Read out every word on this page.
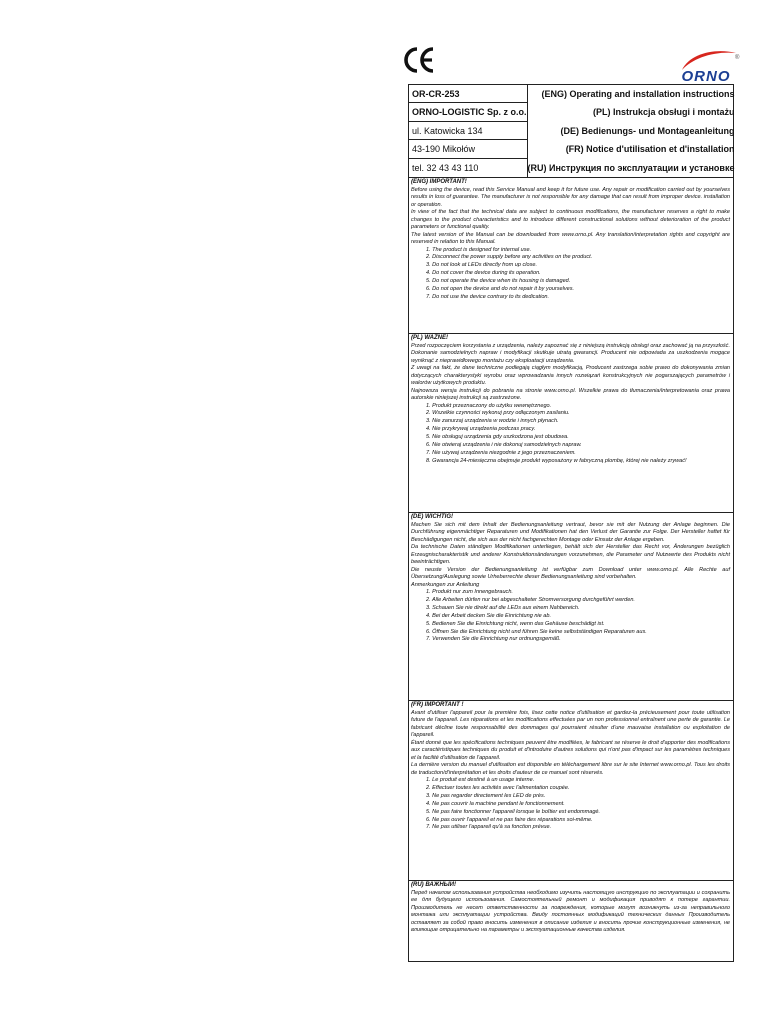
ORNO
®
OR-CR-253
ORNO-LOGISTIC Sp. z o.o.
ul. Katowicka 134
43-190 Mikołów
tel. 32 43 43 110
(ENG) Operating and installation instructions
(PL) Instrukcja obsługi i montażu
(DE) Bedienungs- und Montageanleitung
(FR) Notice d'utilisation et d'installation
(RU) Инструкция по эксплуатации и установке
(ENG) IMPORTANT!

Before using the device, read this Service Manual and keep it for future use. Any repair or modification carried out by yourselves results in loss of guarantee. The manufacturer is not responsible for any damage that can result from improper device. installation or operation.

In view of the fact that the technical data are subject to continuous modifications, the manufacturer reserves a right to make changes to the product characteristics and to introduce different constructional solutions without deterioration of the product parameters or functional quality.

The latest version of the Manual can be downloaded from www.orno.pl. Any translation/interpretation rights and copyright are reserved in relation to this Manual.

1. The product is designed for internal use.
2. Disconnect the power supply before any activities on the product.
3. Do not look at LEDs directly from up close.
4. Do not cover the device during its operation.
5. Do not operate the device when its housing is damaged.
6. Do not open the device and do not repair it by yourselves.
7. Do not use the device contrary to its dedication.
(PL) WAŻNE!

Przed rozpoczęciem korzystania z urządzenia, należy zapoznać się z niniejszą instrukcją obsługi oraz zachować ją na przyszłość. Dokonanie samodzielnych napraw i modyfikacji skutkuje utratą gwarancji. Producent nie odpowiada za uszkodzenia mogące wyniknąć z nieprawidłowego montażu czy eksploatacji urządzenia.

Z uwagi na fakt, że dane techniczne podlegają ciągłym modyfikacją, Producent zastrzega sobie prawo do dokonywania zmian dotyczących charakterystyki wyrobu oraz wprowadzania innych rozwiązań konstrukcyjnych nie pogarszających parametrów i walorów użytkowych produktu.

Najnowsza wersja instrukcji do pobrania na stronie www.orno.pl. Wszelkie prawa do tłumaczenia/interpretowania oraz prawa autorskie niniejszej instrukcji są zastrzeżone.

1. Produkt przeznaczony do użytku wewnętrznego.
2. Wszelkie czynności wykonuj przy odłączonym zasilaniu.
3. Nie zanurzaj urządzenia w wodzie i innych płynach.
4. Nie przykrywaj urządzenia podczas pracy.
5. Nie obsługuj urządzenia gdy uszkodzona jest obudowa.
6. Nie otwieraj urządzenia i nie dokonuj samodzielnych napraw.
7. Nie używaj urządzenia niezgodnie z jego przeznaczeniem.
8. Gwarancja 24-miesięczna obejmuje produkt wyposażony w fabryczną plombę, której nie należy zrywać!
(DE) WICHTIG!

Machen Sie sich mit dem Inhalt der Bedienungsanleitung vertraut, bevor sie mit der Nutzung der Anlage beginnen. Die Durchführung eigenmächtiger Reparaturen und Modifikationen hat den Verlust der Garantie zur Folge. Der Hersteller haftet für Beschädigungen nicht, die sich aus der nicht fachgerechten Montage oder Einsatz der Anlage ergeben.

Da technische Daten ständigen Modifikationen unterliegen, behält sich der Hersteller das Recht vor, Änderungen bezüglich Erzeugnischarakteristik und anderer Konstruktionsänderungen vorzunehmen, die Parameter und Nutzwerte des Produkts nicht beeinträchtigen.

Die neuste Version der Bedienungsanleitung ist verfügbar zum Download unter www.orno.pl. Alle Rechte auf Übersetzung/Auslegung sowie Urheberrechte dieser Bedienungsanleitung sind vorbehalten.

Anmerkungen zur Anleitung

1. Produkt nur zum Innengebrauch.
2. Alle Arbeiten dürfen nur bei abgeschalteter Stromversorgung durchgeführt werden.
3. Schauen Sie nie direkt auf die LEDs aus einem Nahbereich.
4. Bei der Arbeit decken Sie die Einrichtung nie ab.
5. Bedienen Sie die Einrichtung nicht, wenn das Gehäuse beschädigt ist.
6. Öffnen Sie die Einrichtung nicht und führen Sie keine selbstständigen Reparaturen aus.
7. Verwenden Sie die Einrichtung nur ordnungsgemäß.
(FR) IMPORTANT !

Avant d'utiliser l'appareil pour la première fois, lisez cette notice d'utilisation et gardez-la précieusement pour toute utilisation future de l'appareil. Les réparations et les modifications effectuées par un non professionnel entraînent une perte de garantie. Le fabricant décline toute responsabilité des dommages qui pourraient résulter d'une mauvaise installation ou exploitation de l'appareil.

Étant donné que les spécifications techniques peuvent être modifiées, le fabricant se réserve le droit d'apporter des modifications aux caractéristiques techniques du produit et d'introduire d'autres solutions qui n'ont pas d'impact sur les paramètres techniques et la facilité d'utilisation de l'appareil.

La dernière version du manuel d'utilisation est disponible en téléchargement libre sur le site Internet www.orno.pl. Tous les droits de traduction/d'interprétation et les droits d'auteur de ce manuel sont réservés.

1. Le produit est destiné à un usage interne.
2. Effectuer toutes les activités avec l'alimentation coupée.
3. Ne pas regarder directement les LED de près.
4. Ne pas couvrir la machine pendant le fonctionnement.
5. Ne pas faire fonctionner l'appareil lorsque le boîtier est endommagé.
6. Ne pas ouvrir l'appareil et ne pas faire des réparations soi-même.
7. Ne pas utiliser l'appareil qu'à sa fonction prévue.
(RU) ВАЖНЫЙ!

Перед началом использования устройства необходимо изучить настоящую инструкцию по эксплуатации и сохранить ее для будущего использования. Самостоятельный ремонт и модификация приводят к потере гарантии. Производитель не несет ответственности за повреждения, которые могут возникнуть из-за неправильного монтажа или эксплуатации устройства. Ввиду постоянных модификаций технических данных Производитель оставляет за собой право вносить изменения в описание изделия и вносить прочие конструкционные изменения, не влияющие отрицательно на параметры и эксплуатационные качества изделия.
